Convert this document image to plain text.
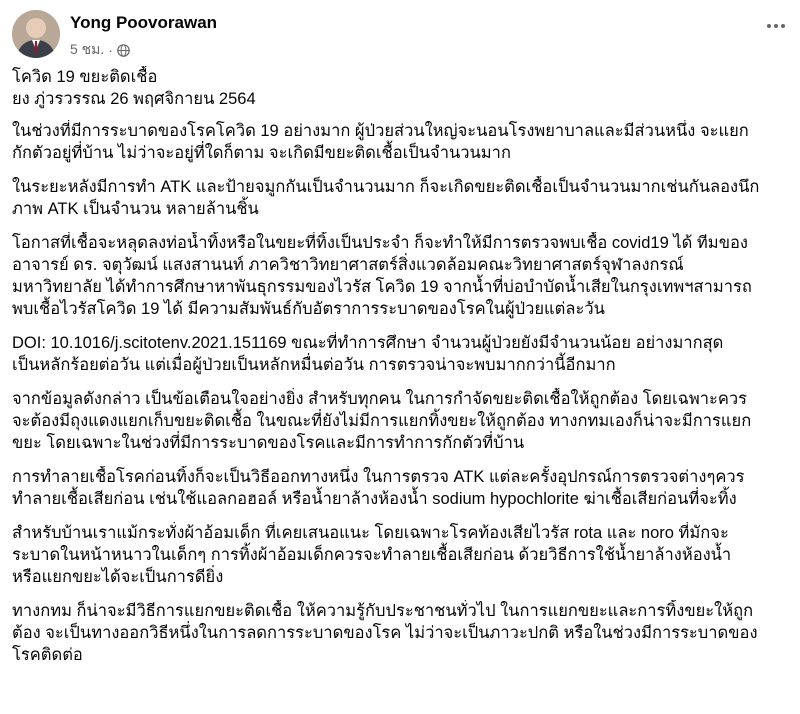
Yong Poovorawan
5 ชม. ·

โควิด 19 ขยะติดเชื้อ
ยง ภู่วรวรรณ 26 พฤศจิกายน 2564

ในช่วงที่มีการระบาดของโรคโควิด 19 อย่างมาก ผู้ป่วยส่วนใหญ่จะนอนโรงพยาบาลและมีส่วนหนึ่ง จะแยก
กักตัวอยู่ที่บ้าน ไม่ว่าจะอยู่ที่ใดก็ตาม จะเกิดมีขยะติดเชื้อเป็นจำนวนมาก

ในระยะหลังมีการทำ ATK และป้ายจมูกกันเป็นจำนวนมาก ก็จะเกิดขยะติดเชื้อเป็นจำนวนมากเช่นกันลองนึก
ภาพ ATK เป็นจำนวน หลายล้านชิ้น

โอกาสที่เชื้อจะหลุดลงท่อน้ำทิ้งหรือในขยะที่ทิ้งเป็นประจำ ก็จะทำให้มีการตรวจพบเชื้อ covid19 ได้ ทีมของ
อาจารย์ ดร. จตุวัฒน์ แสงสานนท์ ภาควิชาวิทยาศาสตร์สิ่งแวดล้อมคณะวิทยาศาสตร์จุฬาลงกรณ์
มหาวิทยาลัย ได้ทำการศึกษาหาพันธุกรรมของไวรัส โควิด 19 จากน้ำที่บ่อบำบัดน้ำเสียในกรุงเทพฯสามารถ
พบเชื้อไวรัสโควิด 19 ได้ มีความสัมพันธ์กับอัตราการระบาดของโรคในผู้ป่วยแต่ละวัน

DOI: 10.1016/j.scitotenv.2021.151169 ขณะที่ทำการศึกษา จำนวนผู้ป่วยยังมีจำนวนน้อย อย่างมากสุด
เป็นหลักร้อยต่อวัน แต่เมื่อผู้ป่วยเป็นหลักหมื่นต่อวัน การตรวจน่าจะพบมากกว่านี้อีกมาก

จากข้อมูลดังกล่าว เป็นข้อเตือนใจอย่างยิ่ง สำหรับทุกคน ในการกำจัดขยะติดเชื้อให้ถูกต้อง โดยเฉพาะควร
จะต้องมีถุงแดงแยกเก็บขยะติดเชื้อ ในขณะที่ยังไม่มีการแยกทิ้งขยะให้ถูกต้อง ทางกทมเองก็น่าจะมีการแยก
ขยะ โดยเฉพาะในช่วงที่มีการระบาดของโรคและมีการทำการกักตัวที่บ้าน

การทำลายเชื้อโรคก่อนทิ้งก็จะเป็นวิธีออกทางหนึ่ง ในการตรวจ ATK แต่ละครั้งอุปกรณ์การตรวจต่างๆควร
ทำลายเชื้อเสียก่อน เช่นใช้แอลกอฮอล์ หรือน้ำยาล้างห้องน้ำ sodium hypochlorite ฆ่าเชื้อเสียก่อนที่จะทิ้ง

สำหรับบ้านเราแม้กระทั่งผ้าอ้อมเด็ก ที่เคยเสนอแนะ โดยเฉพาะโรคท้องเสียไวรัส rota และ noro ที่มักจะ
ระบาดในหน้าหนาวในเด็กๆ การทิ้งผ้าอ้อมเด็กควรจะทำลายเชื้อเสียก่อน ด้วยวิธีการใช้น้ำยาล้างห้องน้ำ
หรือแยกขยะได้จะเป็นการดียิ่ง

ทางกทม ก็น่าจะมีวิธีการแยกขยะติดเชื้อ ให้ความรู้กับประชาชนทั่วไป ในการแยกขยะและการทิ้งขยะให้ถูก
ต้อง จะเป็นทางออกวิธีหนึ่งในการลดการระบาดของโรค ไม่ว่าจะเป็นภาวะปกติ หรือในช่วงมีการระบาดของ
โรคติดต่อ
